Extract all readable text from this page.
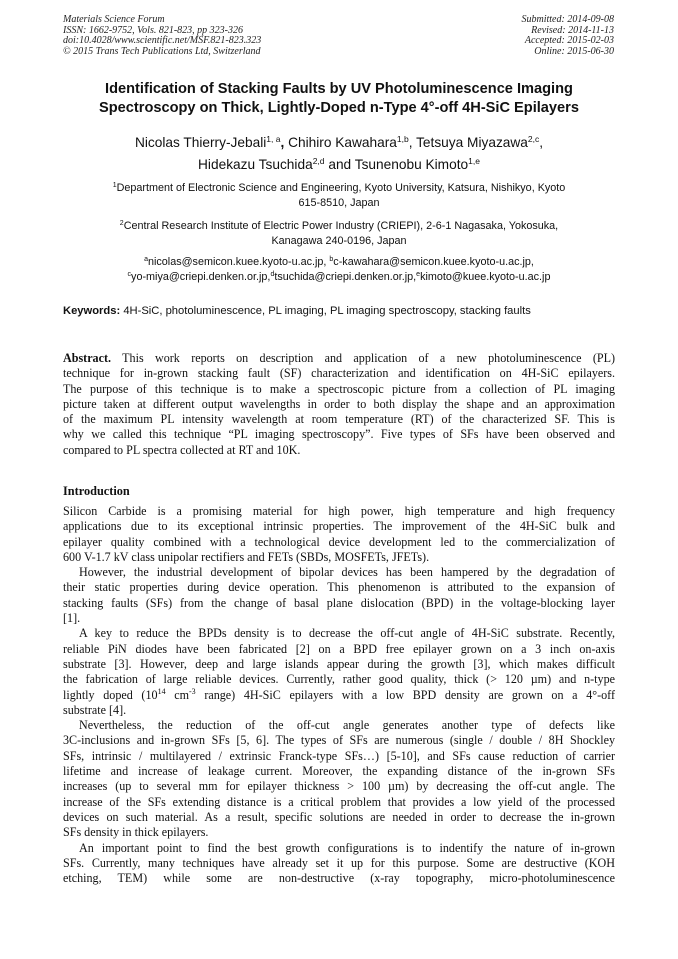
Materials Science Forum
ISSN: 1662-9752, Vols. 821-823, pp 323-326
doi:10.4028/www.scientific.net/MSF.821-823.323
© 2015 Trans Tech Publications Ltd, Switzerland
Submitted: 2014-09-08
Revised: 2014-11-13
Accepted: 2015-02-03
Online: 2015-06-30
Identification of Stacking Faults by UV Photoluminescence Imaging
Spectroscopy on Thick, Lightly-Doped n-Type 4°-off 4H-SiC Epilayers
Nicolas Thierry-Jebali$^{1, a}$, Chihiro Kawahara$^{1,b}$, Tetsuya Miyazawa$^{2,c}$,
Hidekazu Tsuchida$^{2,d}$ and Tsunenobu Kimoto$^{1,e}$
$^1$Department of Electronic Science and Engineering, Kyoto University, Katsura, Nishikyo, Kyoto
615-8510, Japan
$^2$Central Research Institute of Electric Power Industry (CRIEPI), 2-6-1 Nagasaka, Yokosuka,
Kanagawa 240-0196, Japan
$^a$nicolas@semicon.kuee.kyoto-u.ac.jp, $^b$c-kawahara@semicon.kuee.kyoto-u.ac.jp,
$^c$yo-miya@criepi.denken.or.jp,$^d$tsuchida@criepi.denken.or.jp,$^e$kimoto@kuee.kyoto-u.ac.jp
Keywords: 4H-SiC, photoluminescence, PL imaging, PL imaging spectroscopy, stacking faults
Abstract. This work reports on description and application of a new photoluminescence (PL)
technique for in-grown stacking fault (SF) characterization and identification on 4H-SiC epilayers.
The purpose of this technique is to make a spectroscopic picture from a collection of PL imaging
picture taken at different output wavelengths in order to both display the shape and an approximation
of the maximum PL intensity wavelength at room temperature (RT) of the characterized SF. This is
why we called this technique “PL imaging spectroscopy”. Five types of SFs have been observed and
compared to PL spectra collected at RT and 10K.
Introduction
Silicon Carbide is a promising material for high power, high temperature and high frequency
applications due to its exceptional intrinsic properties. The improvement of the 4H-SiC bulk and
epilayer quality combined with a technological device development led to the commercialization of
600 V-1.7 kV class unipolar rectifiers and FETs (SBDs, MOSFETs, JFETs).
However, the industrial development of bipolar devices has been hampered by the degradation of
their static properties during device operation. This phenomenon is attributed to the expansion of
stacking faults (SFs) from the change of basal plane dislocation (BPD) in the voltage-blocking layer
[1].
A key to reduce the BPDs density is to decrease the off-cut angle of 4H-SiC substrate. Recently,
reliable PiN diodes have been fabricated [2] on a BPD free epilayer grown on a 3 inch on-axis
substrate [3]. However, deep and large islands appear during the growth [3], which makes difficult
the fabrication of large reliable devices. Currently, rather good quality, thick (> 120 µm) and n-type
lightly doped ($10^{14}$ $cm^{-3}$ range) 4H-SiC epilayers with a low BPD density are grown on a 4°-off
substrate [4].
Nevertheless, the reduction of the off-cut angle generates another type of defects like
3C-inclusions and in-grown SFs [5, 6]. The types of SFs are numerous (single / double / 8H Shockley
SFs, intrinsic / multilayered / extrinsic Franck-type SFs…) [5-10], and SFs cause reduction of carrier
lifetime and increase of leakage current. Moreover, the expanding distance of the in-grown SFs
increases (up to several mm for epilayer thickness > 100 µm) by decreasing the off-cut angle. The
increase of the SFs extending distance is a critical problem that provides a low yield of the processed
devices on such material. As a result, specific solutions are needed in order to decrease the in-grown
SFs density in thick epilayers.
An important point to find the best growth configurations is to indentify the nature of in-grown
SFs. Currently, many techniques have already set it up for this purpose. Some are destructive (KOH
etching, TEM) while some are non-destructive (x-ray topography, micro-photoluminescence
